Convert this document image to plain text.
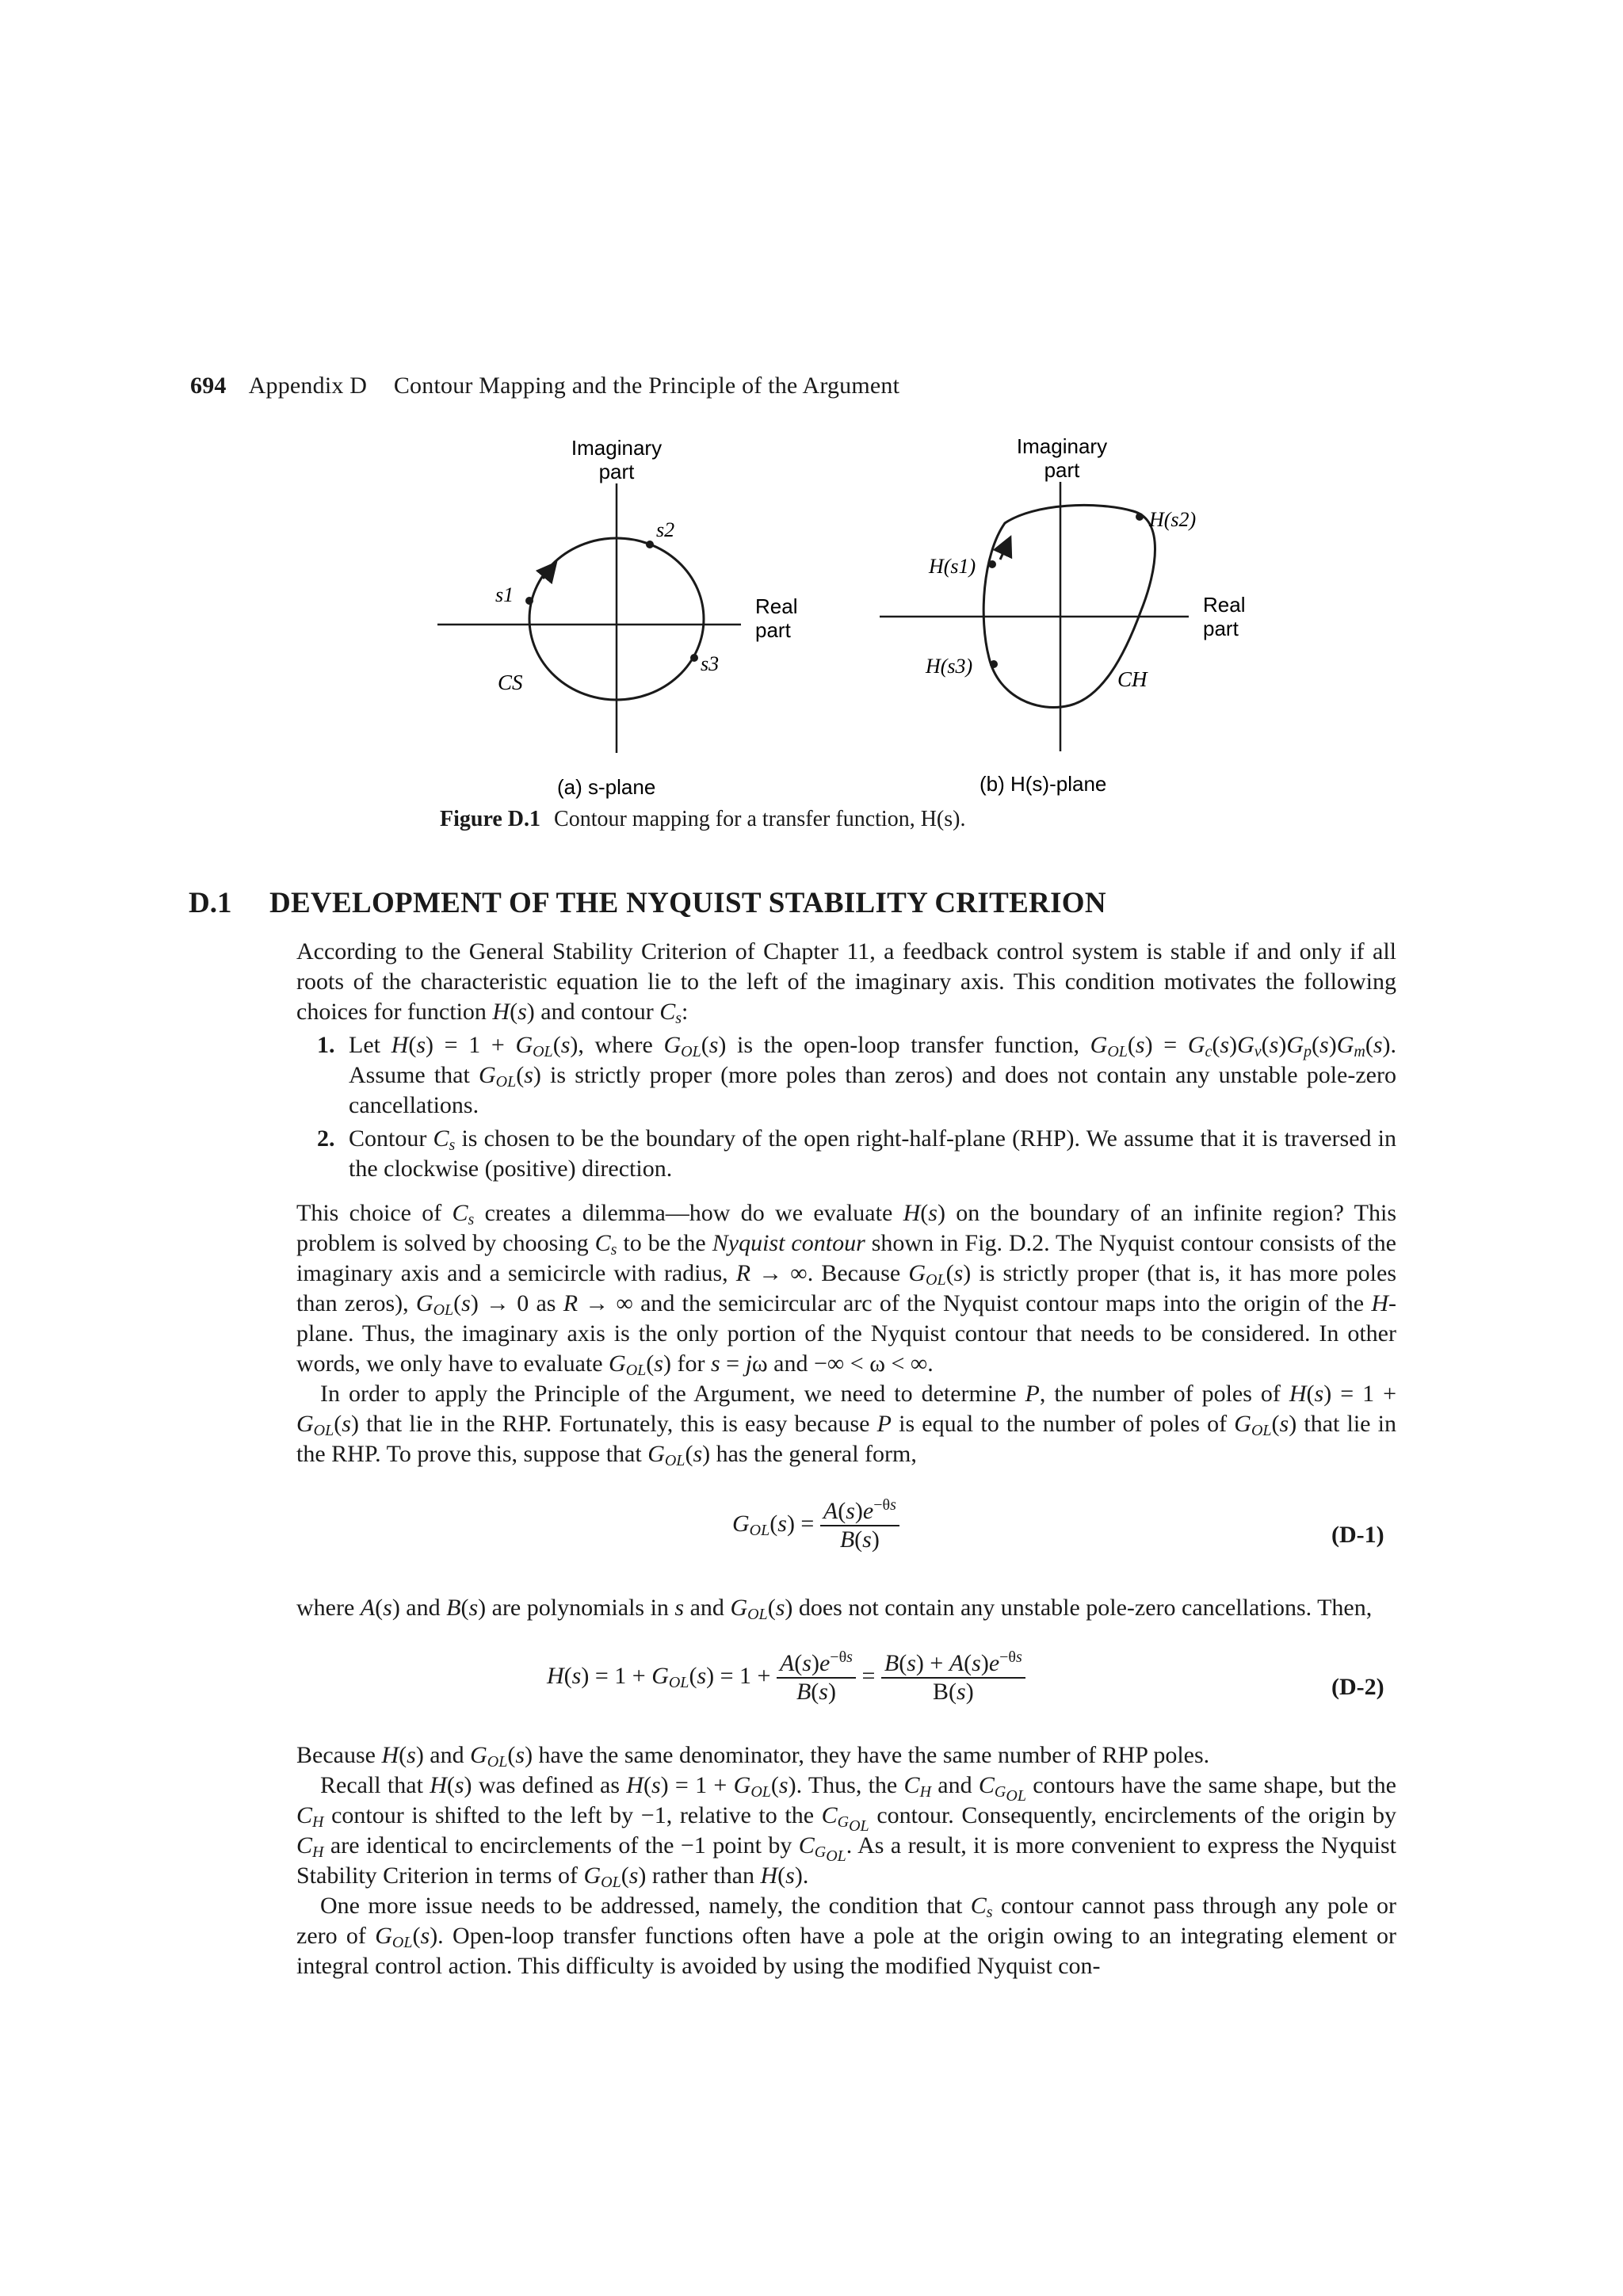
694 Appendix D Contour Mapping and the Principle of the Argument
Imaginary
part
Real
part
s1
s2
s3
CS
(a) s-plane
Imaginary
part
Real
part
H(s1)
H(s2)
H(s3)
CH
(b) H(s)-plane
Figure D.1 Contour mapping for a transfer function, H(s).
D.1 DEVELOPMENT OF THE NYQUIST STABILITY CRITERION

According to the General Stability Criterion of Chapter 11, a feedback control system is stable if and only if all roots of the characteristic equation lie to the left of the imaginary axis. This condition motivates the following choices for function H(s) and contour $C_s$:

1. Let $H(s) = 1 + G_{OL}(s)$, where $G_{OL}(s)$ is the open-loop transfer function, $G_{OL}(s) = G_c(s)G_v(s)G_p(s)G_m(s)$. Assume that $G_{OL}(s)$ is strictly proper (more poles than zeros) and does not contain any unstable pole-zero cancellations.
2. Contour $C_s$ is chosen to be the boundary of the open right-half-plane (RHP). We assume that it is traversed in the clockwise (positive) direction.

This choice of $C_s$ creates a dilemma—how do we evaluate H(s) on the boundary of an infinite region? This problem is solved by choosing $C_s$ to be the Nyquist contour shown in Fig. D.2. The Nyquist contour consists of the imaginary axis and a semicircle with radius, R → ∞. Because $G_{OL}(s)$ is strictly proper (that is, it has more poles than zeros), $G_{OL}(s) \to 0$ as R → ∞ and the semicircular arc of the Nyquist contour maps into the origin of the H-plane. Thus, the imaginary axis is the only portion of the Nyquist contour that needs to be considered. In other words, we only have to evaluate $G_{OL}(s)$ for s = jω and −∞ < ω < ∞.

In order to apply the Principle of the Argument, we need to determine P, the number of poles of $H(s) = 1 + G_{OL}(s)$ that lie in the RHP. Fortunately, this is easy because P is equal to the number of poles of $G_{OL}(s)$ that lie in the RHP. To prove this, suppose that $G_{OL}(s)$ has the general form,

$G_{OL}(s) = \frac{A(s)e^{-\theta s}}{B(s)}$	(D-1)

where A(s) and B(s) are polynomials in s and $G_{OL}(s)$ does not contain any unstable pole-zero cancellations. Then,

$H(s) = 1 + G_{OL}(s) = 1 + \frac{A(s)e^{-\theta s}}{B(s)} = \frac{B(s) + A(s)e^{-\theta s}}{B(s)}$	(D-2)

Because H(s) and $G_{OL}(s)$ have the same denominator, they have the same number of RHP poles.

Recall that H(s) was defined as $H(s) = 1 + G_{OL}(s)$. Thus, the $C_H$ and $C_{G_{OL}}$ contours have the same shape, but the $C_H$ contour is shifted to the left by −1, relative to the $C_{G_{OL}}$ contour. Consequently, encirclements of the origin by $C_H$ are identical to encirclements of the −1 point by $C_{G_{OL}}$. As a result, it is more convenient to express the Nyquist Stability Criterion in terms of $G_{OL}(s)$ rather than H(s).

One more issue needs to be addressed, namely, the condition that $C_s$ contour cannot pass through any pole or zero of $G_{OL}(s)$. Open-loop transfer functions often have a pole at the origin owing to an integrating element or integral control action. This difficulty is avoided by using the modified Nyquist con-
